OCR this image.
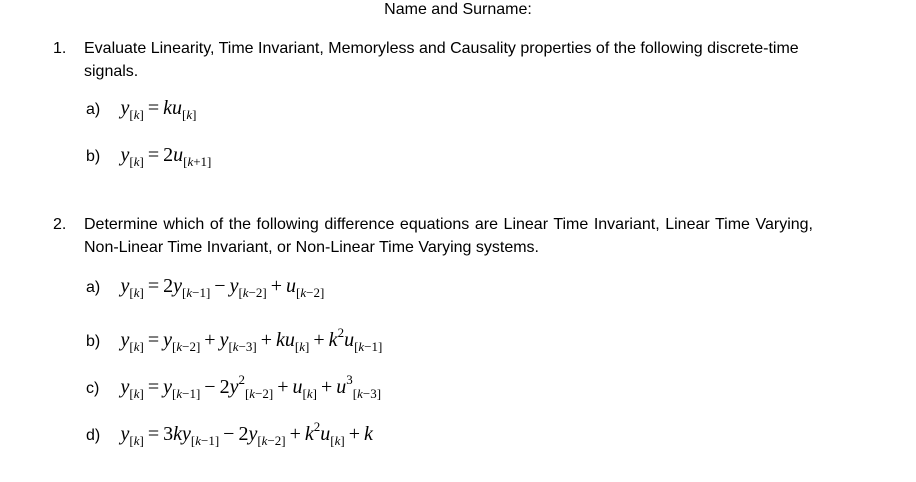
Name and Surname:
1. Evaluate Linearity, Time Invariant, Memoryless and Causality properties of the following discrete-time signals.
a) $y_{[k]} = ku_{[k]}$
b) $y_{[k]} = 2u_{[k+1]}$
2. Determine which of the following difference equations are Linear Time Invariant, Linear Time Varying, Non-Linear Time Invariant, or Non-Linear Time Varying systems.
a) $y_{[k]} = 2y_{[k-1]} - y_{[k-2]} + u_{[k-2]}$
b) $y_{[k]} = y_{[k-2]} + y_{[k-3]} + ku_{[k]} + k^2u_{[k-1]}$
c) $y_{[k]} = y_{[k-1]} - 2y^2_{[k-2]} + u_{[k]} + u^3_{[k-3]}$
d) $y_{[k]} = 3ky_{[k-1]} - 2y_{[k-2]} + k^2u_{[k]} + k$
